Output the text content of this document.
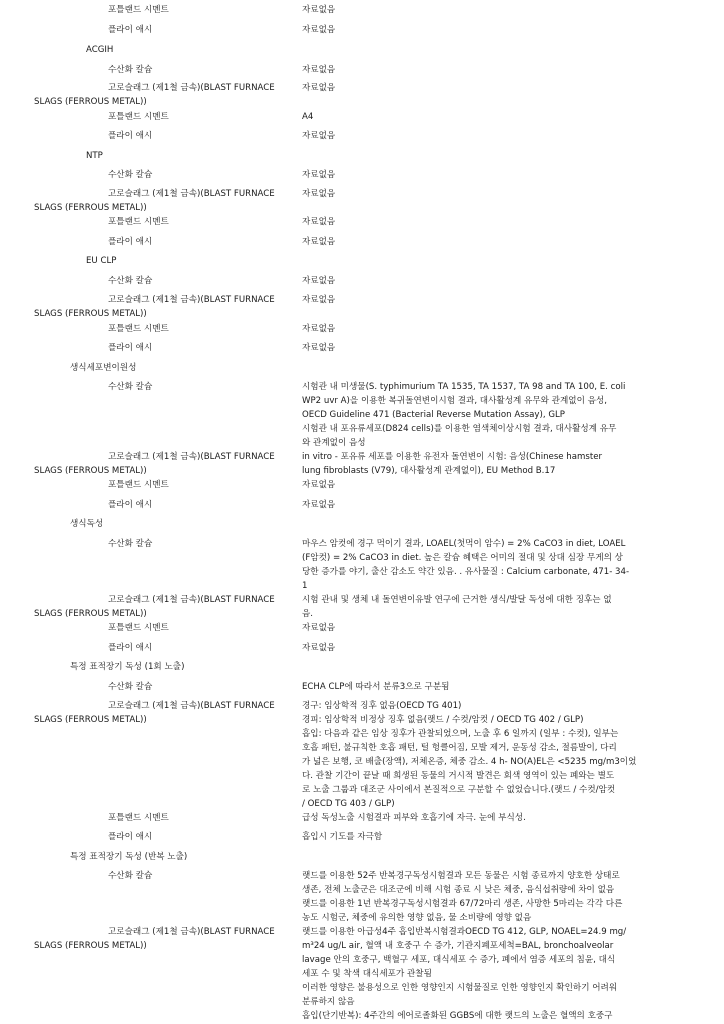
포틀랜드 시멘트	자료없음
플라이 애시	자료없음
ACGIH
수산화 칼슘	자료없음
고로슬래그 (제1철 금속)(BLAST FURNACE	자료없음
SLAGS (FERROUS METAL))
포틀랜드 시멘트	A4
플라이 애시	자료없음
NTP
수산화 칼슘	자료없음
고로슬래그 (제1철 금속)(BLAST FURNACE	자료없음
SLAGS (FERROUS METAL))
포틀랜드 시멘트	자료없음
플라이 애시	자료없음
EU CLP
수산화 칼슘	자료없음
고로슬래그 (제1철 금속)(BLAST FURNACE	자료없음
SLAGS (FERROUS METAL))
포틀랜드 시멘트	자료없음
플라이 애시	자료없음
생식세포변이원성
수산화 칼슘	시험관 내 미생물(S. typhimurium TA 1535, TA 1537, TA 98 and TA 100, E. coli
WP2 uvr A)을 이용한 복귀돌연변이시험 결과, 대사활성계 유무와 관계없이 음성,
OECD Guideline 471 (Bacterial Reverse Mutation Assay), GLP
시험관 내 포유류세포(D824 cells)를 이용한 염색체이상시험 결과, 대사활성계 유무
와 관계없이 음성
고로슬래그 (제1철 금속)(BLAST FURNACE	in vitro - 포유류 세포를 이용한 유전자 돌연변이 시험: 음성(Chinese hamster
SLAGS (FERROUS METAL))	lung fibroblasts (V79), 대사활성계 관계없이), EU Method B.17
포틀랜드 시멘트	자료없음
플라이 애시	자료없음
생식독성
수산화 칼슘	마우스 암컷에 경구 먹이기 결과, LOAEL(첫먹이 암수) = 2% CaCO3 in diet, LOAEL
(F암컷) = 2% CaCO3 in diet. 높은 칼슘 혜택은 어미의 절대 및 상대 심장 무게의 상
당한 증가를 야기, 출산 감소도 약간 있음. . 유사물질 : Calcium carbonate, 471- 34-
1
고로슬래그 (제1철 금속)(BLAST FURNACE	시험 관내 및 생체 내 돌연변이유발 연구에 근거한 생식/발달 독성에 대한 징후는 없
SLAGS (FERROUS METAL))	음.
포틀랜드 시멘트	자료없음
플라이 애시	자료없음
특정 표적장기 독성 (1회 노출)
수산화 칼슘	ECHA CLP에 따라서 분류3으로 구분됨
고로슬래그 (제1철 금속)(BLAST FURNACE	경구: 임상학적 징후 없음(OECD TG 401)
SLAGS (FERROUS METAL))	경피: 임상학적 비정상 징후 없음(랫드 / 수컷/암컷 / OECD TG 402 / GLP)
흡입: 다음과 같은 임상 징후가 관찰되었으며, 노출 후 6 일까지 (일부 : 수컷), 일부는
호흡 패턴, 불규칙한 호흡 패턴, 털 헝클어짐, 모발 제거, 운동성 감소, 절름발이, 다리
가 넓은 보행, 코 배출(장액), 저체온증, 체중 감소. 4 h- NO(A)EL은 <5235 mg/m3이었
다. 관찰 기간이 끝날 때 희생된 동물의 거시적 발견은 회색 영역이 있는 폐와는 별도
로 노출 그룹과 대조군 사이에서 본질적으로 구분할 수 없었습니다.(랫드 / 수컷/암컷
/ OECD TG 403 / GLP)
포틀랜드 시멘트	급성 독성노출 시험결과 피부와 호흡기에 자극. 눈에 부식성.
플라이 애시	흡입시 기도를 자극함
특정 표적장기 독성 (반복 노출)
수산화 칼슘	랫드를 이용한 52주 반복경구독성시험결과 모든 동물은 시험 종료까지 양호한 상태로
생존, 전체 노출군은 대조군에 비해 시험 종료 시 낮은 체중, 음식섭취량에 차이 없음
랫드를 이용한 1년 반복경구독성시험결과 67/72마리 생존, 사망한 5마리는 각각 다른
농도 시험군, 체중에 유의한 영향 없음, 물 소비량에 영향 없음
고로슬래그 (제1철 금속)(BLAST FURNACE	랫드를 이용한 아급성4주 흡입반복시험결과OECD TG 412, GLP, NOAEL=24.9 mg/
SLAGS (FERROUS METAL))	m³24 ug/L air, 혈액 내 호중구 수 증가, 기관지폐포세척=BAL, bronchoalveolar
lavage 안의 호중구, 백혈구 세포, 대식세포 수 증가, 폐에서 염증 세포의 침윤, 대식
세포 수 및 착색 대식세포가 관찰됨
이러한 영향은 불용성으로 인한 영향인지 시험물질로 인한 영향인지 확인하기 어려워
분류하지 않음
흡입(단기반복): 4주간의 에어로졸화된 GGBS에 대한 랫드의 노출은 혈액의 호중구
